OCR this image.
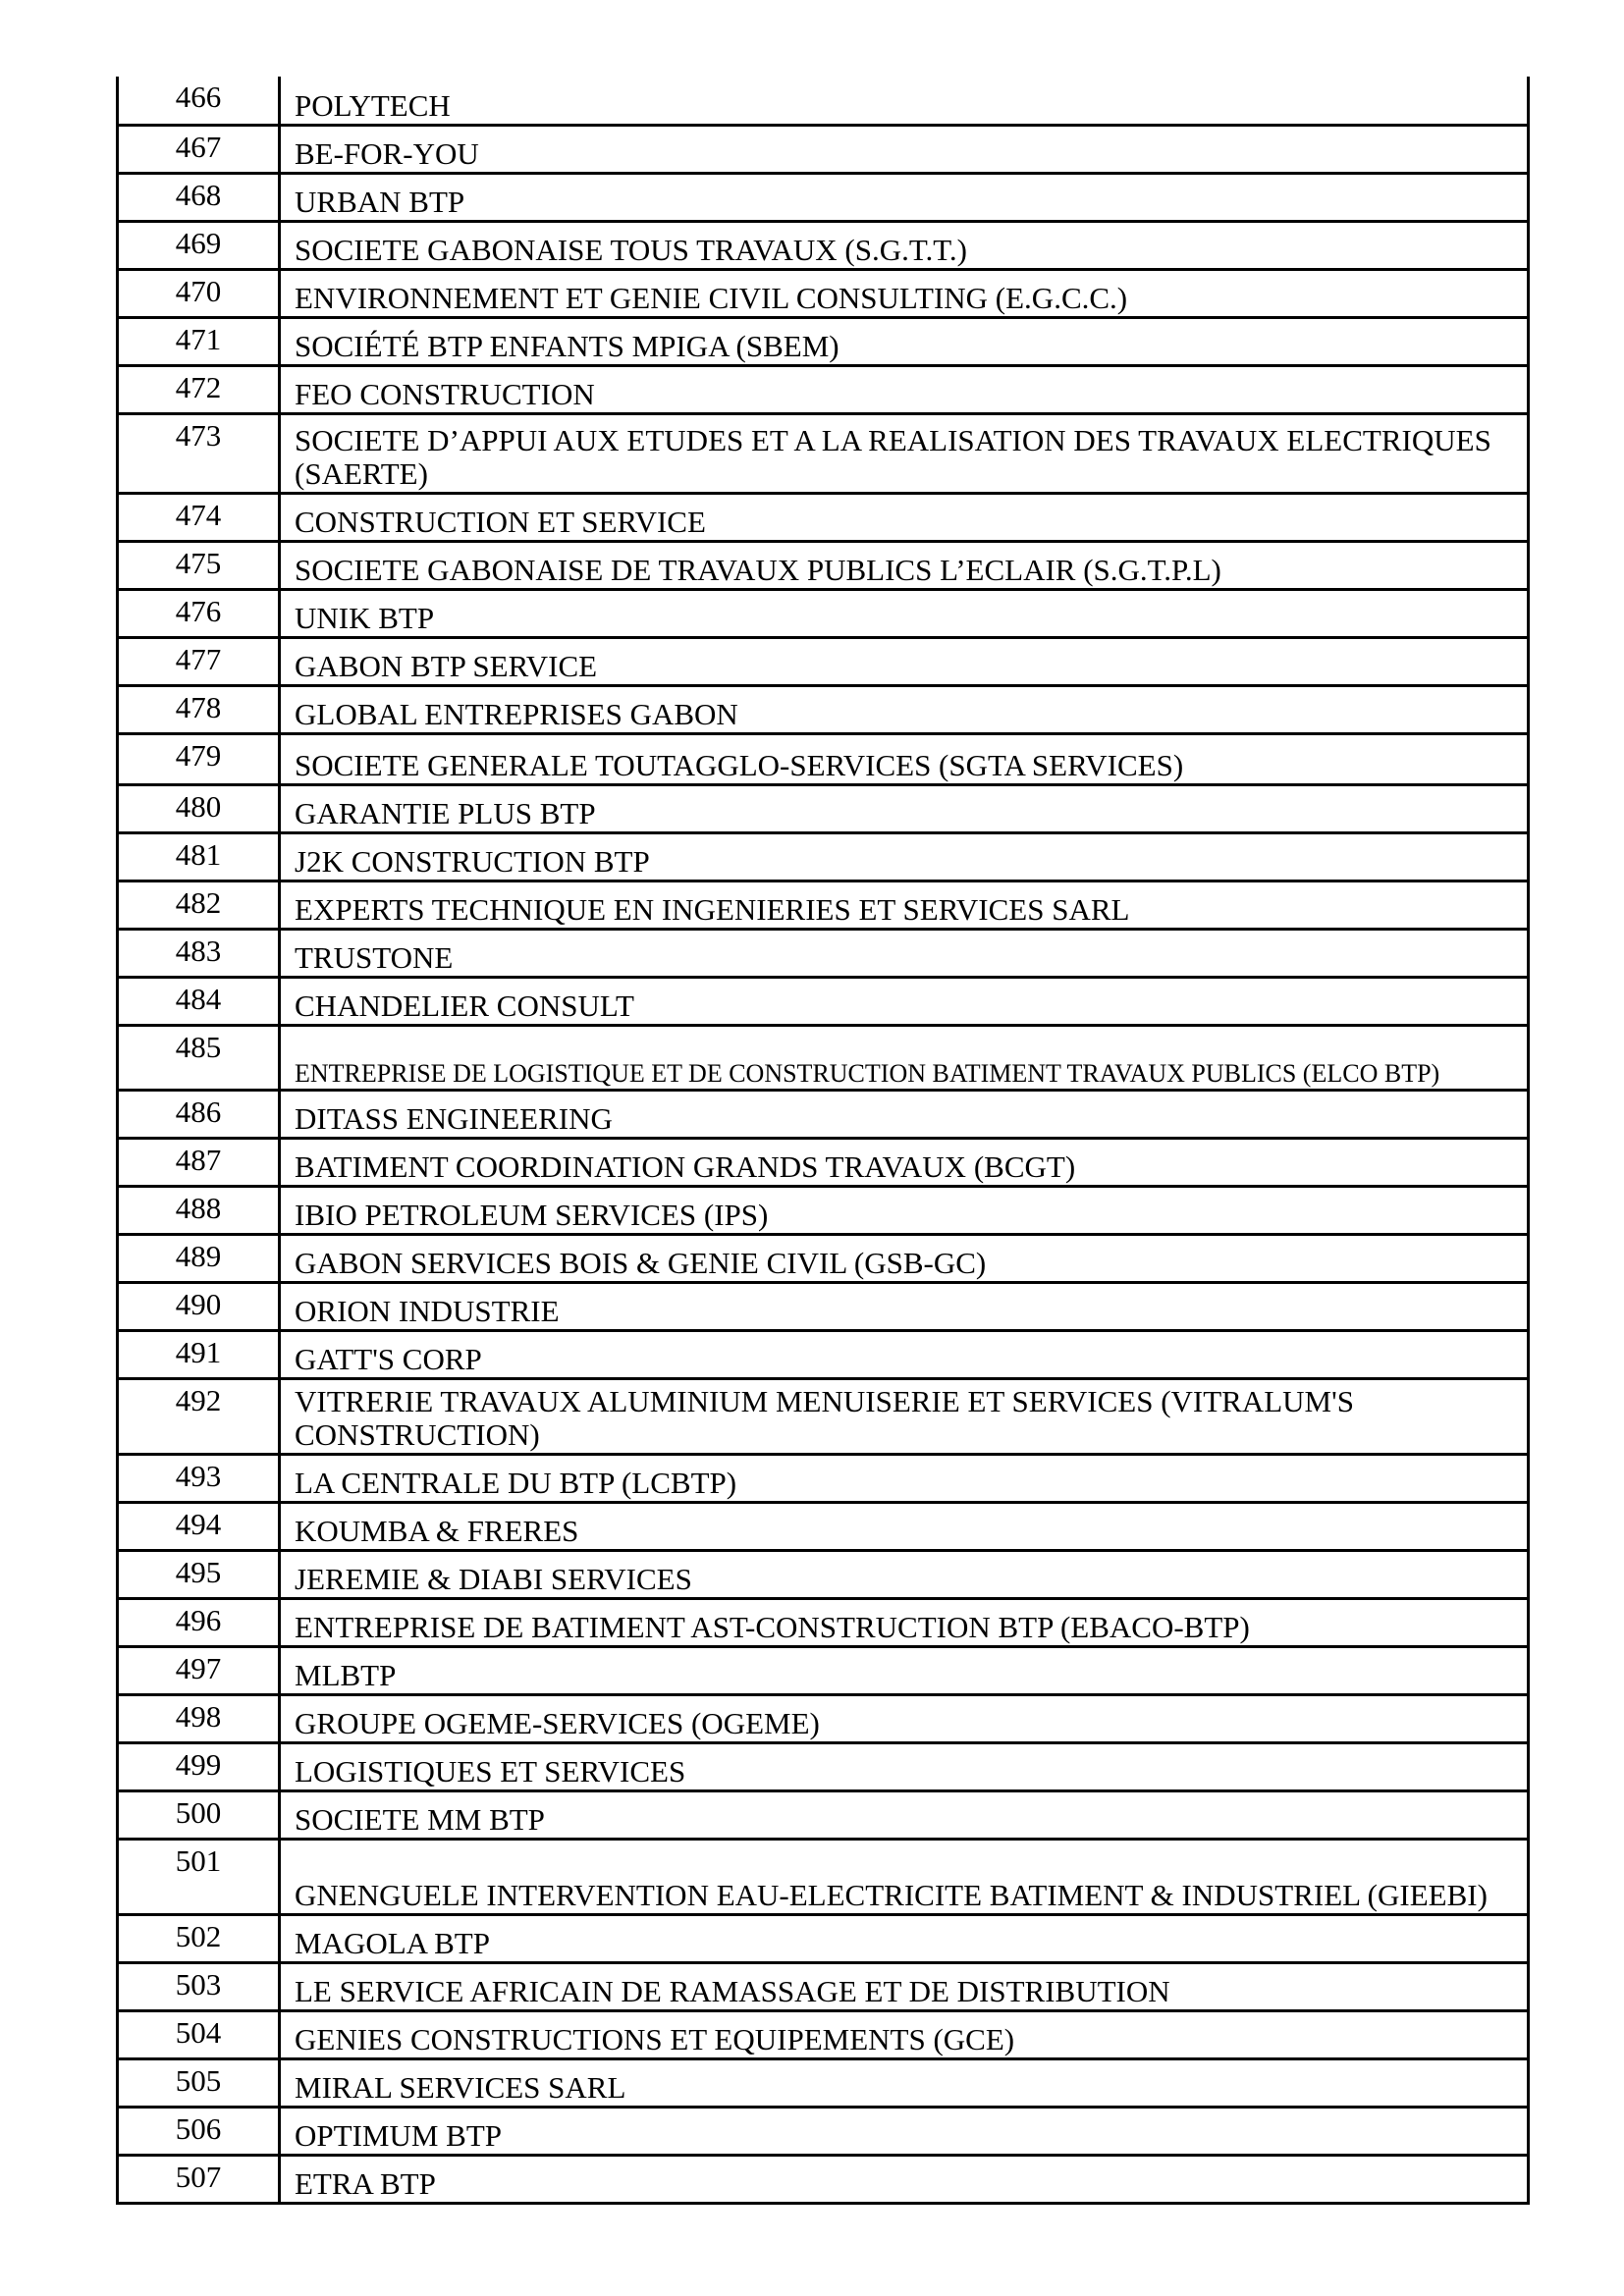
466	POLYTECH
467	BE-FOR-YOU
468	URBAN BTP
469	SOCIETE GABONAISE TOUS TRAVAUX (S.G.T.T.)
470	ENVIRONNEMENT ET GENIE CIVIL CONSULTING (E.G.C.C.)
471	SOCIÉTÉ BTP ENFANTS MPIGA (SBEM)
472	FEO CONSTRUCTION
473	SOCIETE D’APPUI AUX ETUDES ET A LA REALISATION DES TRAVAUX ELECTRIQUES (SAERTE)
474	CONSTRUCTION ET SERVICE
475	SOCIETE GABONAISE DE TRAVAUX PUBLICS L’ECLAIR (S.G.T.P.L)
476	UNIK BTP
477	GABON BTP SERVICE
478	GLOBAL ENTREPRISES GABON
479	SOCIETE GENERALE TOUTAGGLO-SERVICES (SGTA SERVICES)
480	GARANTIE PLUS BTP
481	J2K CONSTRUCTION BTP
482	EXPERTS TECHNIQUE EN INGENIERIES ET SERVICES SARL
483	TRUSTONE
484	CHANDELIER CONSULT
485	ENTREPRISE DE LOGISTIQUE ET DE CONSTRUCTION BATIMENT TRAVAUX PUBLICS (ELCO BTP)
486	DITASS ENGINEERING
487	BATIMENT COORDINATION GRANDS TRAVAUX (BCGT)
488	IBIO PETROLEUM SERVICES (IPS)
489	GABON SERVICES BOIS & GENIE CIVIL (GSB-GC)
490	ORION INDUSTRIE
491	GATT'S CORP
492	VITRERIE TRAVAUX ALUMINIUM MENUISERIE ET SERVICES (VITRALUM'S CONSTRUCTION)
493	LA CENTRALE DU BTP (LCBTP)
494	KOUMBA & FRERES
495	JEREMIE & DIABI SERVICES
496	ENTREPRISE DE BATIMENT AST-CONSTRUCTION BTP (EBACO-BTP)
497	MLBTP
498	GROUPE OGEME-SERVICES (OGEME)
499	LOGISTIQUES ET SERVICES
500	SOCIETE MM BTP
501	GNENGUELE INTERVENTION EAU-ELECTRICITE BATIMENT & INDUSTRIEL (GIEEBI)
502	MAGOLA BTP
503	LE SERVICE AFRICAIN DE RAMASSAGE ET DE DISTRIBUTION
504	GENIES CONSTRUCTIONS ET EQUIPEMENTS (GCE)
505	MIRAL SERVICES SARL
506	OPTIMUM BTP
507	ETRA BTP
